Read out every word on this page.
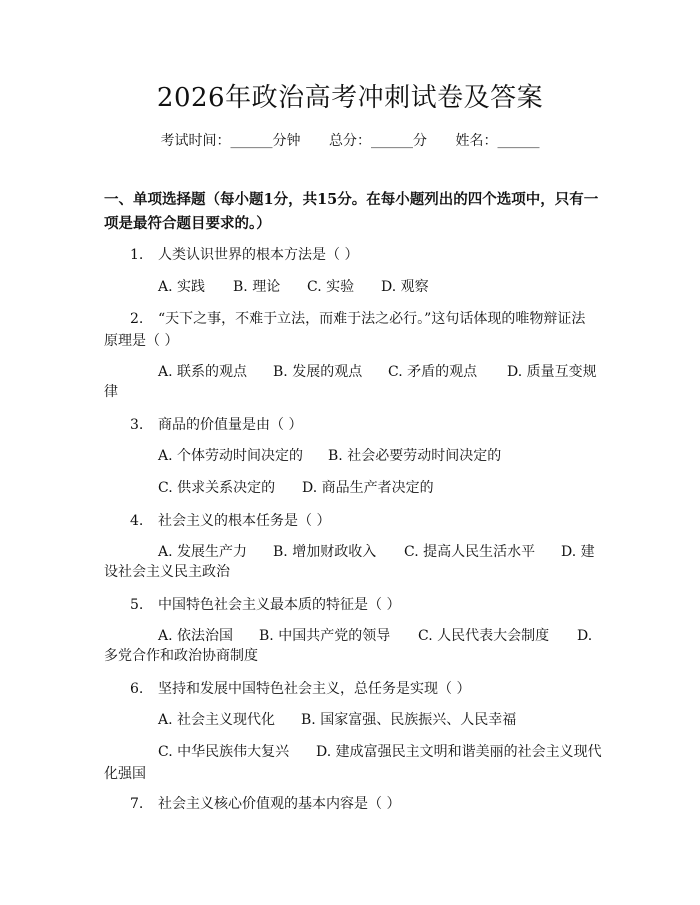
2026年政治高考冲刺试卷及答案
考试时间：______分钟 总分：______分 姓名：______
一、单项选择题（每小题1分，共15分。在每小题列出的四个选项中，只有一项是最符合题目要求的。）
1. 人类认识世界的根本方法是（ ）
A. 实践 B. 理论 C. 实验 D. 观察
2. “天下之事，不难于立法，而难于法之必行。”这句话体现的唯物辩证法
原理是（ ）
A. 联系的观点 B. 发展的观点 C. 矛盾的观点 D. 质量互变规
律
3. 商品的价值量是由（ ）
A. 个体劳动时间决定的 B. 社会必要劳动时间决定的
C. 供求关系决定的 D. 商品生产者决定的
4. 社会主义的根本任务是（ ）
A. 发展生产力 B. 增加财政收入 C. 提高人民生活水平 D. 建
设社会主义民主政治
5. 中国特色社会主义最本质的特征是（ ）
A. 依法治国 B. 中国共产党的领导 C. 人民代表大会制度 D.
多党合作和政治协商制度
6. 坚持和发展中国特色社会主义，总任务是实现（ ）
A. 社会主义现代化 B. 国家富强、民族振兴、人民幸福
C. 中华民族伟大复兴 D. 建成富强民主文明和谐美丽的社会主义现代
化强国
7. 社会主义核心价值观的基本内容是（ ）
